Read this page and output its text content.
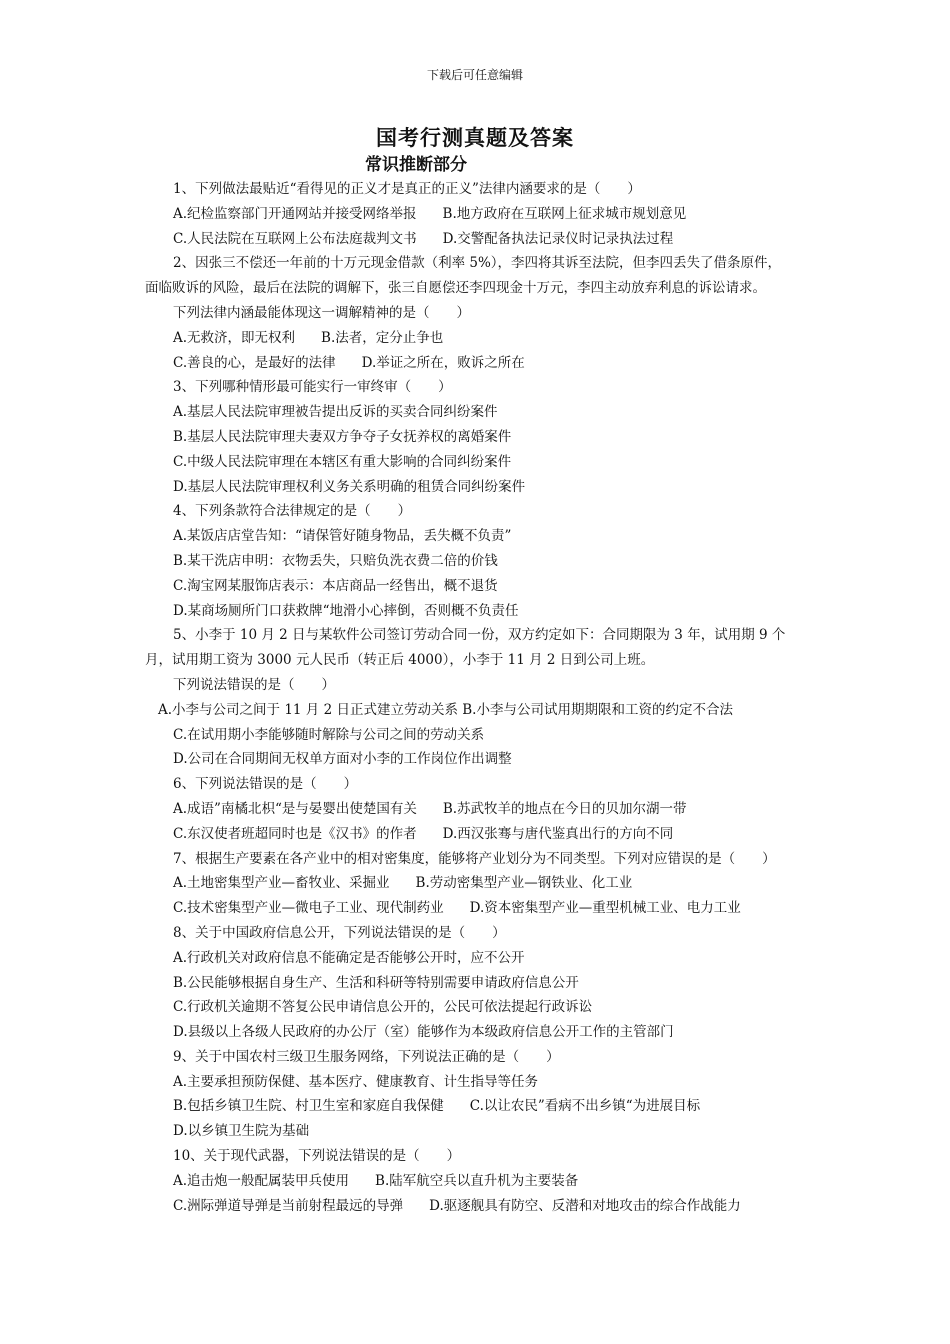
下载后可任意编辑
国考行测真题及答案
常识推断部分
1、下列做法最贴近“看得见的正义才是真正的正义”法律内涵要求的是（　　）
A.纪检监察部门开通网站并接受网络举报 B.地方政府在互联网上征求城市规划意见
C.人民法院在互联网上公布法庭裁判文书 D.交警配备执法记录仪时记录执法过程
2、因张三不偿还一年前的十万元现金借款（利率 5%），李四将其诉至法院，但李四丢失了借条原件，
面临败诉的风险，最后在法院的调解下，张三自愿偿还李四现金十万元，李四主动放弃利息的诉讼请求。
下列法律内涵最能体现这一调解精神的是（　　）
A.无救济，即无权利 B.法者，定分止争也
C.善良的心，是最好的法律 D.举证之所在，败诉之所在
3、下列哪种情形最可能实行一审终审（　　）
A.基层人民法院审理被告提出反诉的买卖合同纠纷案件
B.基层人民法院审理夫妻双方争夺子女抚养权的离婚案件
C.中级人民法院审理在本辖区有重大影响的合同纠纷案件
D.基层人民法院审理权利义务关系明确的租赁合同纠纷案件
4、下列条款符合法律规定的是（　　）
A.某饭店店堂告知：“请保管好随身物品，丢失概不负责”
B.某干洗店申明：衣物丢失，只赔负洗衣费二倍的价钱
C.淘宝网某服饰店表示：本店商品一经售出，概不退货
D.某商场厕所门口获救牌“地滑小心摔倒，否则概不负责任
5、小李于 10 月 2 日与某软件公司签订劳动合同一份，双方约定如下：合同期限为 3 年，试用期 9 个
月，试用期工资为 3000 元人民币（转正后 4000），小李于 11 月 2 日到公司上班。
下列说法错误的是（　　）
A.小李与公司之间于 11 月 2 日正式建立劳动关系 B.小李与公司试用期期限和工资的约定不合法
C.在试用期小李能够随时解除与公司之间的劳动关系
D.公司在合同期间无权单方面对小李的工作岗位作出调整
6、下列说法错误的是（　　）
A.成语”南橘北枳“是与晏婴出使楚国有关 B.苏武牧羊的地点在今日的贝加尔湖一带
C.东汉使者班超同时也是《汉书》的作者 D.西汉张骞与唐代鉴真出行的方向不同
7、根据生产要素在各产业中的相对密集度，能够将产业划分为不同类型。下列对应错误的是（　　）
A.土地密集型产业—畜牧业、采掘业 B.劳动密集型产业—钢铁业、化工业
C.技术密集型产业—微电子工业、现代制药业 D.资本密集型产业—重型机械工业、电力工业
8、关于中国政府信息公开，下列说法错误的是（　　）
A.行政机关对政府信息不能确定是否能够公开时，应不公开
B.公民能够根据自身生产、生活和科研等特别需要申请政府信息公开
C.行政机关逾期不答复公民申请信息公开的，公民可依法提起行政诉讼
D.县级以上各级人民政府的办公厅（室）能够作为本级政府信息公开工作的主管部门
9、关于中国农村三级卫生服务网络，下列说法正确的是（　　）
A.主要承担预防保健、基本医疗、健康教育、计生指导等任务
B.包括乡镇卫生院、村卫生室和家庭自我保健 C.以让农民”看病不出乡镇“为进展目标
D.以乡镇卫生院为基础
10、关于现代武器，下列说法错误的是（　　）
A.追击炮一般配属装甲兵使用 B.陆军航空兵以直升机为主要装备
C.洲际弹道导弹是当前射程最远的导弹 D.驱逐舰具有防空、反潜和对地攻击的综合作战能力
